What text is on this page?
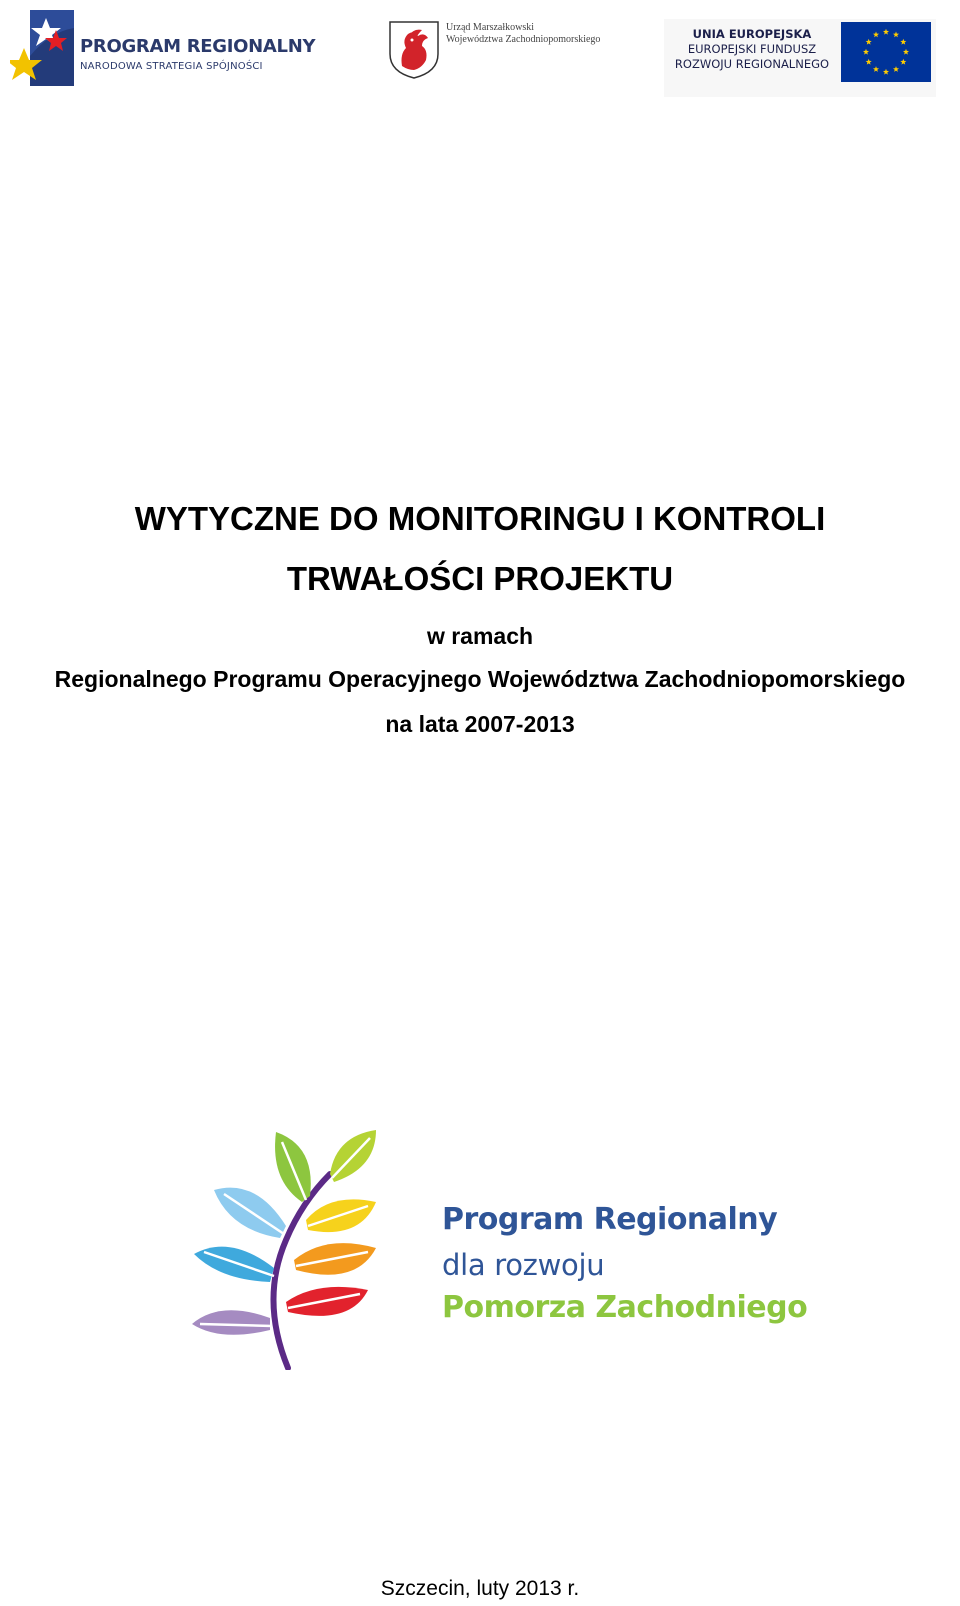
PROGRAM REGIONALNY
NARODOWA STRATEGIA SPÓJNOŚCI
Urząd Marszałkowski
Województwa Zachodniopomorskiego	UNIA EUROPEJSKA
EUROPEJSKI FUNDUSZ
ROZWOJU REGIONALNEGO
WYTYCZNE DO MONITORINGU I KONTROLI
TRWAŁOŚCI PROJEKTU
w ramach
Regionalnego Programu Operacyjnego Województwa Zachodniopomorskiego
na lata 2007-2013
Program Regionalny
dla rozwoju
Pomorza Zachodniego
Szczecin, luty 2013 r.
